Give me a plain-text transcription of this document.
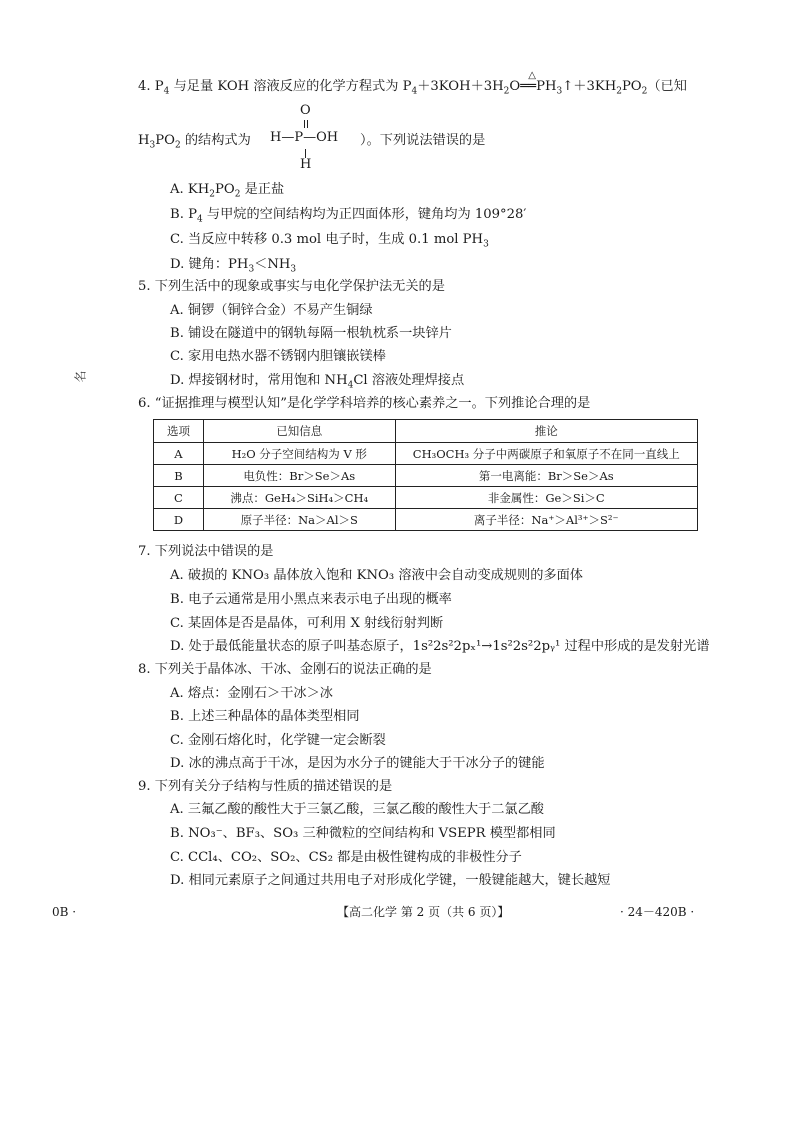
名
4. $P_4$ 与足量 KOH 溶液反应的化学方程式为 $P_4+3KOH+3H_2O$
△
$══PH_3↑+3KH_2PO_2$（已知
$H_3PO_2$ 的结构式为
O
H—P—OH
H
）。下列说法错误的是
A. $KH_2PO_2$ 是正盐
B. $P_4$ 与甲烷的空间结构均为正四面体形，键角均为 109°28′
C. 当反应中转移 0.3 mol 电子时，生成 0.1 mol $PH_3$
D. 键角：$PH_3<NH_3$
5. 下列生活中的现象或事实与电化学保护法无关的是
A. 铜锣（铜锌合金）不易产生铜绿
B. 铺设在隧道中的钢轨每隔一根轨枕系一块锌片
C. 家用电热水器不锈钢内胆镶嵌镁棒
D. 焊接钢材时，常用饱和 $NH_4Cl$ 溶液处理焊接点
6. “证据推理与模型认知”是化学学科培养的核心素养之一。下列推论合理的是
选项	已知信息	推论
A	H₂O 分子空间结构为 V 形	CH₃OCH₃ 分子中两碳原子和氧原子不在同一直线上
B	电负性：Br＞Se＞As	第一电离能：Br＞Se＞As
C	沸点：GeH₄＞SiH₄＞CH₄	非金属性：Ge＞Si＞C
D	原子半径：Na＞Al＞S	离子半径：Na⁺＞Al³⁺＞S²⁻
7. 下列说法中错误的是
A. 破损的 KNO₃ 晶体放入饱和 KNO₃ 溶液中会自动变成规则的多面体
B. 电子云通常是用小黑点来表示电子出现的概率
C. 某固体是否是晶体，可利用 X 射线衍射判断
D. 处于最低能量状态的原子叫基态原子，1s²2s²2pₓ¹→1s²2s²2pᵧ¹ 过程中形成的是发射光谱
8. 下列关于晶体冰、干冰、金刚石的说法正确的是
A. 熔点：金刚石＞干冰＞冰
B. 上述三种晶体的晶体类型相同
C. 金刚石熔化时，化学键一定会断裂
D. 冰的沸点高于干冰，是因为水分子的键能大于干冰分子的键能
9. 下列有关分子结构与性质的描述错误的是
A. 三氟乙酸的酸性大于三氯乙酸，三氯乙酸的酸性大于二氯乙酸
B. NO₃⁻、BF₃、SO₃ 三种微粒的空间结构和 VSEPR 模型都相同
C. CCl₄、CO₂、SO₂、CS₂ 都是由极性键构成的非极性分子
D. 相同元素原子之间通过共用电子对形成化学键，一般键能越大，键长越短
0B ·	【高二化学 第 2 页（共 6 页）】	· 24－420B ·
